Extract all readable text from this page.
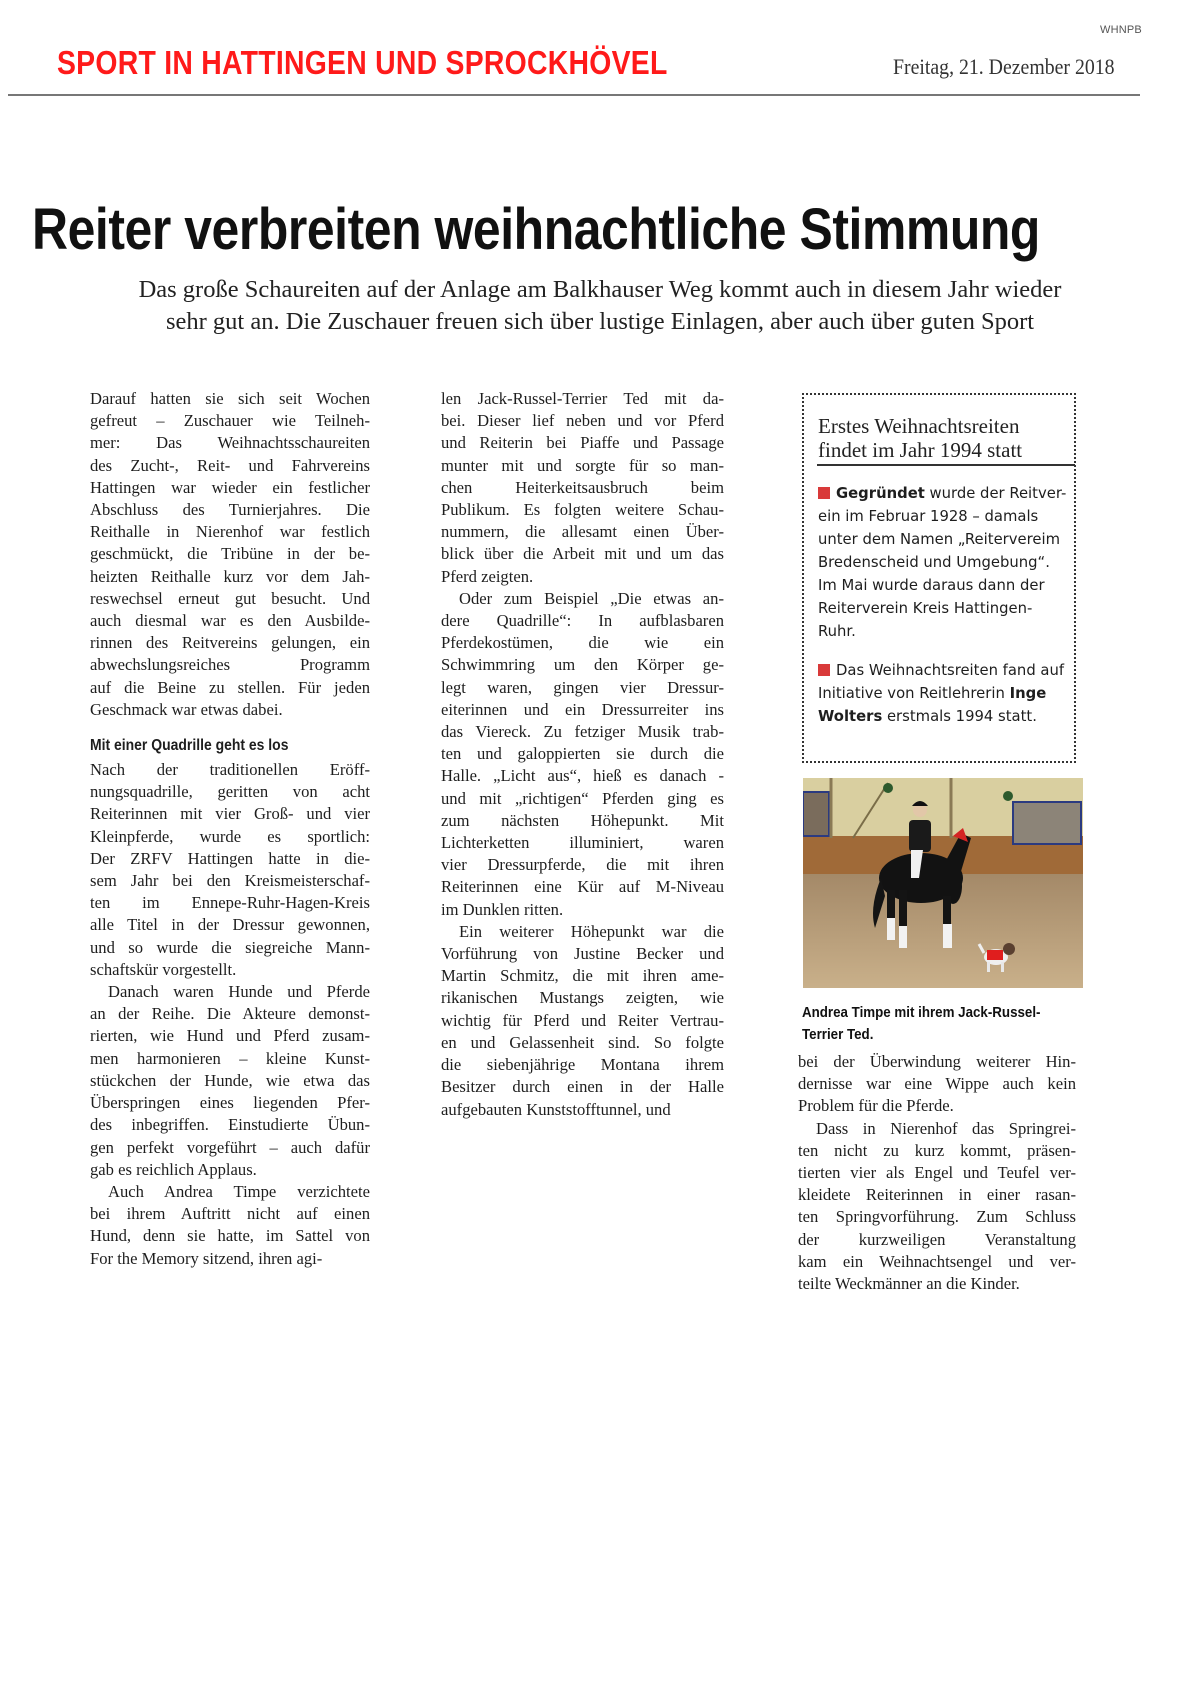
WHNPB
SPORT IN HATTINGEN UND SPROCKHÖVEL	Freitag, 21. Dezember 2018
Reiter verbreiten weihnachtliche Stimmung
Das große Schaureiten auf der Anlage am Balkhauser Weg kommt auch in diesem Jahr wieder
sehr gut an. Die Zuschauer freuen sich über lustige Einlagen, aber auch über guten Sport

Darauf hatten sie sich seit Wochen
gefreut – Zuschauer wie Teilneh-
mer: Das Weihnachtsschaureiten
des Zucht-, Reit- und Fahrvereins
Hattingen war wieder ein festlicher
Abschluss des Turnierjahres. Die
Reithalle in Nierenhof war festlich
geschmückt, die Tribüne in der be-
heizten Reithalle kurz vor dem Jah-
reswechsel erneut gut besucht. Und
auch diesmal war es den Ausbilde-
rinnen des Reitvereins gelungen, ein
abwechslungsreiches Programm
auf die Beine zu stellen. Für jeden
Geschmack war etwas dabei.

Mit einer Quadrille geht es los

Nach der traditionellen Eröff-
nungsquadrille, geritten von acht
Reiterinnen mit vier Groß- und vier
Kleinpferde, wurde es sportlich:
Der ZRFV Hattingen hatte in die-
sem Jahr bei den Kreismeisterschaf-
ten im Ennepe-Ruhr-Hagen-Kreis
alle Titel in der Dressur gewonnen,
und so wurde die siegreiche Mann-
schaftskür vorgestellt.

Danach waren Hunde und Pferde
an der Reihe. Die Akteure demonst-
rierten, wie Hund und Pferd zusam-
men harmonieren – kleine Kunst-
stückchen der Hunde, wie etwa das
Überspringen eines liegenden Pfer-
des inbegriffen. Einstudierte Übun-
gen perfekt vorgeführt – auch dafür
gab es reichlich Applaus.

Auch Andrea Timpe verzichtete
bei ihrem Auftritt nicht auf einen
Hund, denn sie hatte, im Sattel von
For the Memory sitzend, ihren agi-

len Jack-Russel-Terrier Ted mit da-
bei. Dieser lief neben und vor Pferd
und Reiterin bei Piaffe und Passage
munter mit und sorgte für so man-
chen Heiterkeitsausbruch beim
Publikum. Es folgten weitere Schau-
nummern, die allesamt einen Über-
blick über die Arbeit mit und um das
Pferd zeigten.

Oder zum Beispiel „Die etwas an-
dere Quadrille“: In aufblasbaren
Pferdekostümen, die wie ein
Schwimmring um den Körper ge-
legt waren, gingen vier Dressur-
eiterinnen und ein Dressurreiter ins
das Viereck. Zu fetziger Musik trab-
ten und galoppierten sie durch die
Halle. „Licht aus“, hieß es danach -
und mit „richtigen“ Pferden ging es
zum nächsten Höhepunkt. Mit
Lichterketten illuminiert, waren
vier Dressurpferde, die mit ihren
Reiterinnen eine Kür auf M-Niveau
im Dunklen ritten.

Ein weiterer Höhepunkt war die
Vorführung von Justine Becker und
Martin Schmitz, die mit ihren ame-
rikanischen Mustangs zeigten, wie
wichtig für Pferd und Reiter Vertrau-
en und Gelassenheit sind. So folgte
die siebenjährige Montana ihrem
Besitzer durch einen in der Halle
aufgebauten Kunststofftunnel, und

Erstes Weihnachtsreiten
findet im Jahr 1994 statt
Gegründet wurde der Reitver-
ein im Februar 1928 – damals
unter dem Namen „Reitervereim
Bredenscheid und Umgebung“.
Im Mai wurde daraus dann der
Reiterverein Kreis Hattingen-
Ruhr.
Das Weihnachtsreiten fand auf
Initiative von Reitlehrerin Inge
Wolters erstmals 1994 statt.
Andrea Timpe mit ihrem Jack-Russel-
Terrier Ted.

bei der Überwindung weiterer Hin-
dernisse war eine Wippe auch kein
Problem für die Pferde.

Dass in Nierenhof das Springrei-
ten nicht zu kurz kommt, präsen-
tierten vier als Engel und Teufel ver-
kleidete Reiterinnen in einer rasan-
ten Springvorführung. Zum Schluss
der kurzweiligen Veranstaltung
kam ein Weihnachtsengel und ver-
teilte Weckmänner an die Kinder.
